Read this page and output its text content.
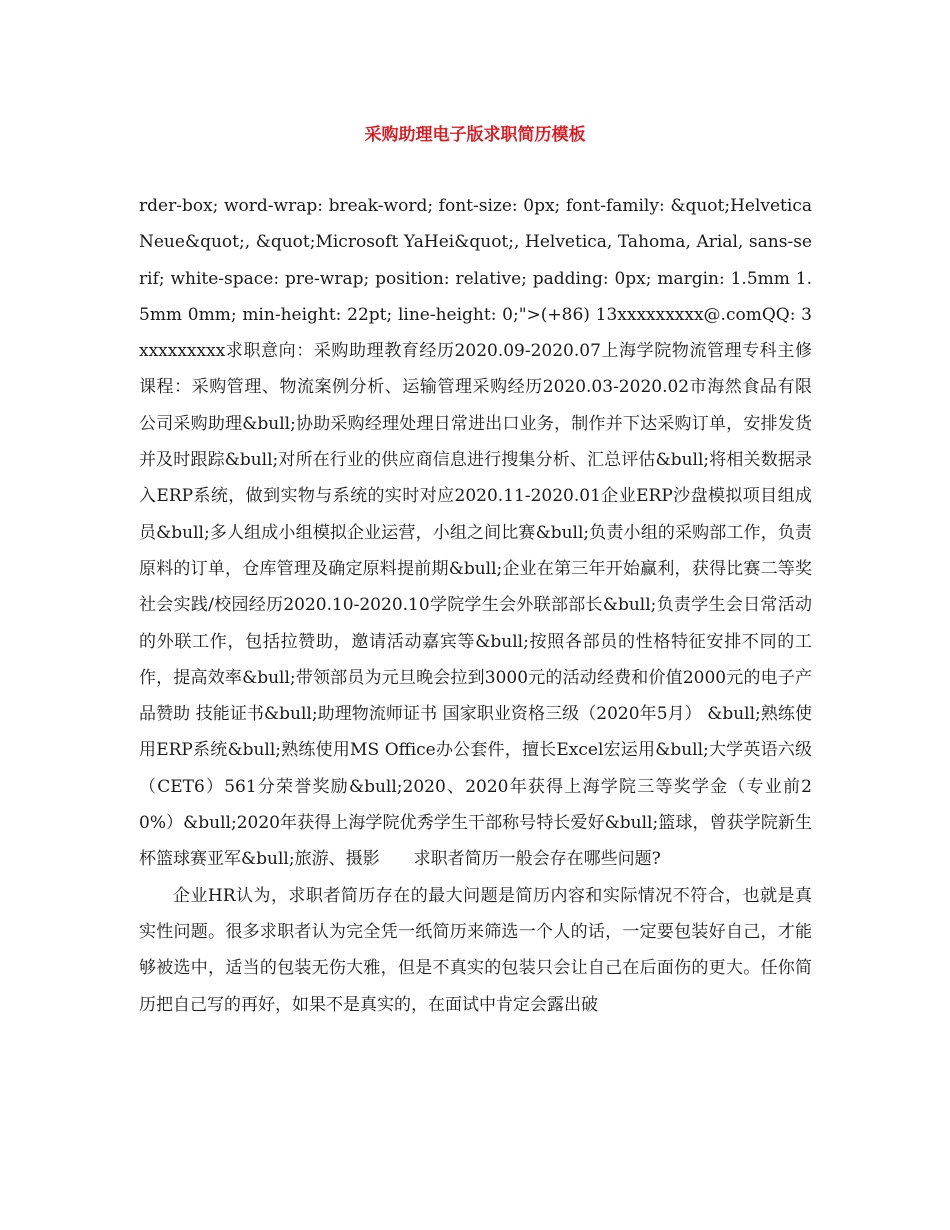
采购助理电子版求职简历模板

rder-box; word-wrap: break-word; font-size: 0px; font-family: &quot;Helvetica Neue&quot;, &quot;Microsoft YaHei&quot;, Helvetica, Tahoma, Arial, sans-serif; white-space: pre-wrap; position: relative; padding: 0px; margin: 1.5mm 1.5mm 0mm; min-height: 22pt; line-height: 0;">(+86) 13xxxxxxxxx@.comQQ: 3xxxxxxxxx求职意向：采购助理教育经历2020.09-2020.07上海学院物流管理专科主修课程：采购管理、物流案例分析、运输管理采购经历2020.03-2020.02市海然食品有限公司采购助理&bull;协助采购经理处理日常进出口业务，制作并下达采购订单，安排发货并及时跟踪&bull;对所在行业的供应商信息进行搜集分析、汇总评估&bull;将相关数据录入ERP系统，做到实物与系统的实时对应2020.11-2020.01企业ERP沙盘模拟项目组成员&bull;多人组成小组模拟企业运营，小组之间比赛&bull;负责小组的采购部工作，负责原料的订单，仓库管理及确定原料提前期&bull;企业在第三年开始赢利，获得比赛二等奖社会实践/校园经历2020.10-2020.10学院学生会外联部部长&bull;负责学生会日常活动的外联工作，包括拉赞助，邀请活动嘉宾等&bull;按照各部员的性格特征安排不同的工作，提高效率&bull;带领部员为元旦晚会拉到3000元的活动经费和价值2000元的电子产品赞助 技能证书&bull;助理物流师证书 国家职业资格三级（2020年5月） &bull;熟练使用ERP系统&bull;熟练使用MS Office办公套件，擅长Excel宏运用&bull;大学英语六级（CET6）561分荣誉奖励&bull;2020、2020年获得上海学院三等奖学金（专业前20%）&bull;2020年获得上海学院优秀学生干部称号特长爱好&bull;篮球，曾获学院新生杯篮球赛亚军&bull;旅游、摄影　　求职者简历一般会存在哪些问题?

企业HR认为，求职者简历存在的最大问题是简历内容和实际情况不符合，也就是真实性问题。很多求职者认为完全凭一纸简历来筛选一个人的话，一定要包装好自己，才能够被选中，适当的包装无伤大雅，但是不真实的包装只会让自己在后面伤的更大。任你简历把自己写的再好，如果不是真实的，在面试中肯定会露出破
